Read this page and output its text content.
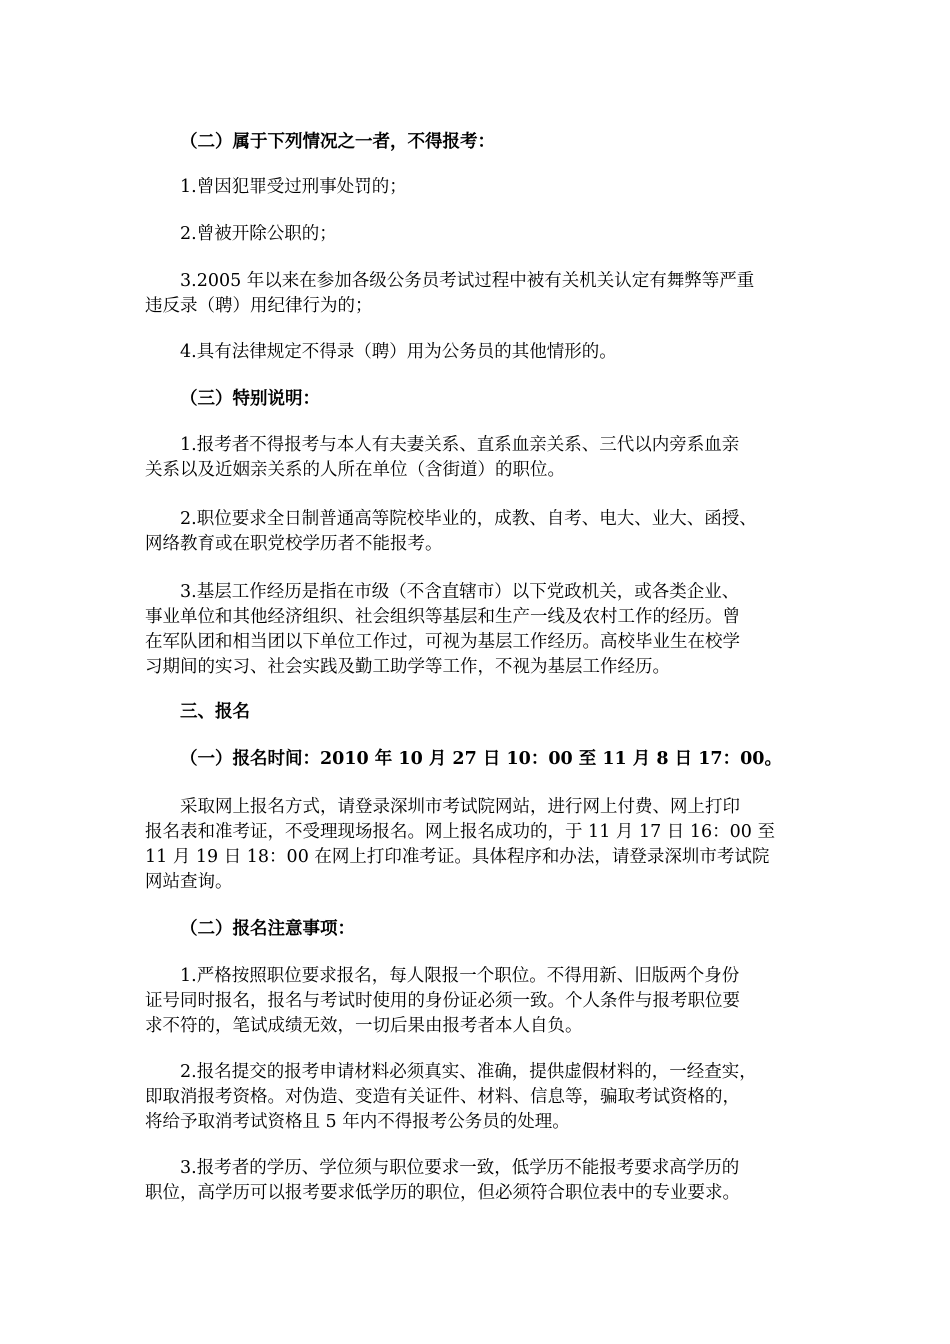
（二）属于下列情况之一者，不得报考：

1.曾因犯罪受过刑事处罚的；

2.曾被开除公职的；

3.2005 年以来在参加各级公务员考试过程中被有关机关认定有舞弊等严重
违反录（聘）用纪律行为的；

4.具有法律规定不得录（聘）用为公务员的其他情形的。

（三）特别说明：

1.报考者不得报考与本人有夫妻关系、直系血亲关系、三代以内旁系血亲
关系以及近姻亲关系的人所在单位（含街道）的职位。

2.职位要求全日制普通高等院校毕业的，成教、自考、电大、业大、函授、
网络教育或在职党校学历者不能报考。

3.基层工作经历是指在市级（不含直辖市）以下党政机关，或各类企业、
事业单位和其他经济组织、社会组织等基层和生产一线及农村工作的经历。曾
在军队团和相当团以下单位工作过，可视为基层工作经历。高校毕业生在校学
习期间的实习、社会实践及勤工助学等工作，不视为基层工作经历。

三、报名

（一）报名时间：2010 年 10 月 27 日 10：00 至 11 月 8 日 17：00。

采取网上报名方式，请登录深圳市考试院网站，进行网上付费、网上打印
报名表和准考证，不受理现场报名。网上报名成功的，于 11 月 17 日 16：00 至
11 月 19 日 18：00 在网上打印准考证。具体程序和办法，请登录深圳市考试院
网站查询。

（二）报名注意事项：

1.严格按照职位要求报名，每人限报一个职位。不得用新、旧版两个身份
证号同时报名，报名与考试时使用的身份证必须一致。个人条件与报考职位要
求不符的，笔试成绩无效，一切后果由报考者本人自负。

2.报名提交的报考申请材料必须真实、准确，提供虚假材料的，一经查实，
即取消报考资格。对伪造、变造有关证件、材料、信息等，骗取考试资格的，
将给予取消考试资格且 5 年内不得报考公务员的处理。

3.报考者的学历、学位须与职位要求一致，低学历不能报考要求高学历的
职位，高学历可以报考要求低学历的职位，但必须符合职位表中的专业要求。
